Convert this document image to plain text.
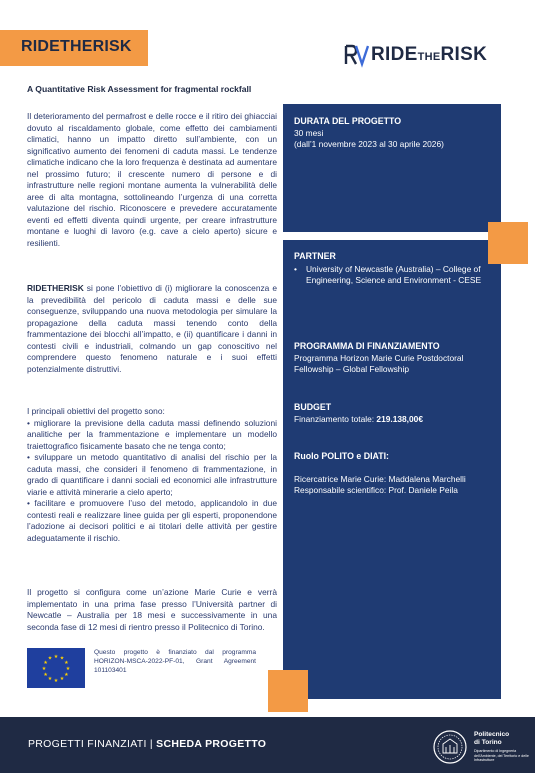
RIDETHERISK	RIDETHERISK
A Quantitative Risk Assessment for fragmental rockfall
Il deterioramento del permafrost e delle rocce e il ritiro dei ghiacciai dovuto al riscaldamento globale, come effetto dei cambiamenti climatici, hanno un impatto diretto sull’ambiente, con un significativo aumento dei fenomeni di caduta massi. Le tendenze climatiche indicano che la loro frequenza è destinata ad aumentare nel prossimo futuro; il crescente numero di persone e di infrastrutture nelle regioni montane aumenta la vulnerabilità delle aree di alta montagna, sottolineando l’urgenza di una corretta valutazione del rischio. Riconoscere e prevedere accuratamente eventi ed effetti diventa quindi urgente, per creare infrastrutture montane e luoghi di lavoro (e.g. cave a cielo aperto) sicure e resilienti.
RIDETHERISK si pone l’obiettivo di (i) migliorare la conoscenza e la prevedibilità del pericolo di caduta massi e delle sue conseguenze, sviluppando una nuova metodologia per simulare la propagazione della caduta massi tenendo conto della frammentazione dei blocchi all’impatto, e (ii) quantificare i danni in contesti civili e industriali, colmando un gap conoscitivo nel comprendere questo fenomeno naturale e i suoi effetti potenzialmente distruttivi.
I principali obiettivi del progetto sono:
• migliorare la previsione della caduta massi definendo soluzioni analitiche per la frammentazione e implementare un modello traiettografico fisicamente basato che ne tenga conto;
• sviluppare un metodo quantitativo di analisi del rischio per la caduta massi, che consideri il fenomeno di frammentazione, in grado di quantificare i danni sociali ed economici alle infrastrutture viarie e attività minerarie a cielo aperto;
• facilitare e promuovere l’uso del metodo, applicandolo in due contesti reali e realizzare linee guida per gli esperti, proponendone l’adozione ai decisori politici e ai titolari delle attività per gestire adeguatamente il rischio.
Il progetto si configura come un’azione Marie Curie e verrà implementato in una prima fase presso l’Università partner di Newcatle – Australia per 18 mesi e successivamente in una seconda fase di 12 mesi di rientro presso il Politecnico di Torino.
DURATA DEL PROGETTO
30 mesi
(dall’1 novembre 2023 al 30 aprile 2026)
PARTNER
• University of Newcastle (Australia) – College of Engineering, Science and Environment - CESE
PROGRAMMA DI FINANZIAMENTO
Programma Horizon Marie Curie Postdoctoral Fellowship – Global Fellowship
BUDGET
Finanziamento totale: 219.138,00€
Ruolo POLITO e DIATI:
Ricercatrice Marie Curie: Maddalena Marchelli
Responsabile scientifico: Prof. Daniele Peila
★ ★
★
★
★
★
★
★
★
★
★
★
Questo progetto è finanziato dal programma HORIZON-MSCA-2022-PF-01, Grant Agreement 101103401
PROGETTI FINANZIATI | SCHEDA PROGETTO
Politecnico
di Torino
Dipartimento di Ingegneria dell’Ambiente, del Territorio e delle Infrastrutture
